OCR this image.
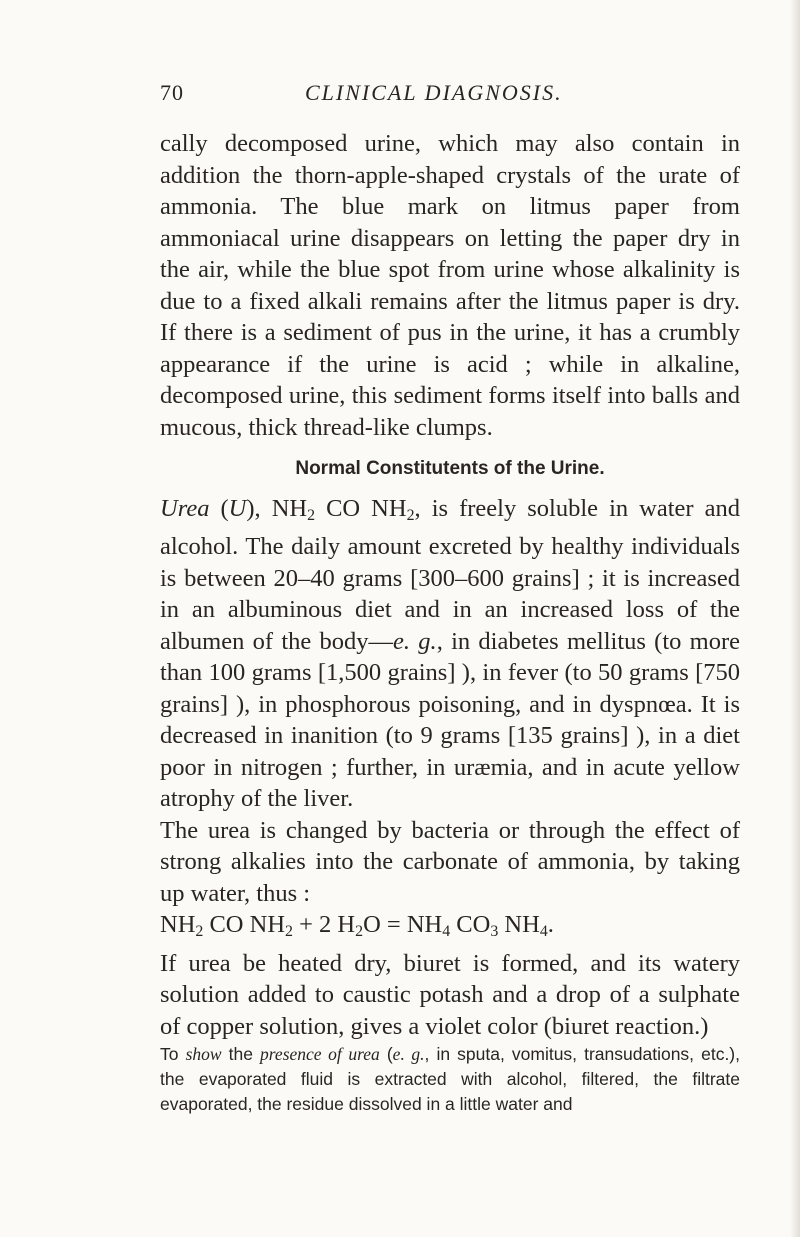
70	CLINICAL DIAGNOSIS.

cally decomposed urine, which may also contain in addition the thorn-apple-shaped crystals of the urate of ammonia. The blue mark on litmus paper from ammoniacal urine disappears on letting the paper dry in the air, while the blue spot from urine whose alkalinity is due to a fixed alkali remains after the litmus paper is dry. If there is a sediment of pus in the urine, it has a crumbly appearance if the urine is acid ; while in alkaline, decomposed urine, this sediment forms itself into balls and mucous, thick thread-like clumps.

Normal Constitutents of the Urine.

Urea (U), $NH_2$ CO $NH_2$, is freely soluble in water and alcohol. The daily amount excreted by healthy individuals is between 20–40 grams [300–600 grains] ; it is increased in an albuminous diet and in an increased loss of the albumen of the body—e. g., in diabetes mellitus (to more than 100 grams [1,500 grains] ), in fever (to 50 grams [750 grains] ), in phosphorous poisoning, and in dyspnœa. It is decreased in inanition (to 9 grams [135 grains] ), in a diet poor in nitrogen ; further, in uræmia, and in acute yellow atrophy of the liver.

The urea is changed by bacteria or through the effect of strong alkalies into the carbonate of ammonia, by taking up water, thus :

$NH_2$ CO $NH_2 + 2$ $H_2O = NH_4$ $CO_3$ $NH_4$.

If urea be heated dry, biuret is formed, and its watery solution added to caustic potash and a drop of a sulphate of copper solution, gives a violet color (biuret reaction.)

To show the presence of urea (e. g., in sputa, vomitus, transudations, etc.), the evaporated fluid is extracted with alcohol, filtered, the filtrate evaporated, the residue dissolved in a little water and
